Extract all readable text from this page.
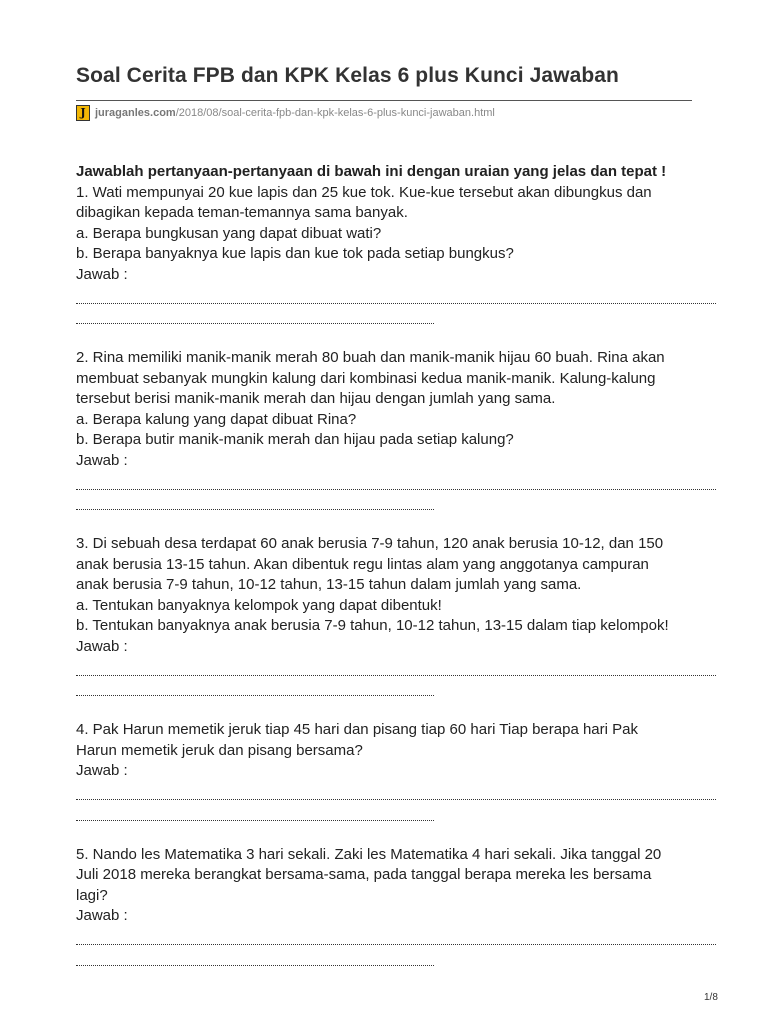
Soal Cerita FPB dan KPK Kelas 6 plus Kunci Jawaban
J juraganles.com/2018/08/soal-cerita-fpb-dan-kpk-kelas-6-plus-kunci-jawaban.html

Jawablah pertanyaan-pertanyaan di bawah ini dengan uraian yang jelas dan tepat !

1. Wati mempunyai 20 kue lapis dan 25 kue tok. Kue-kue tersebut akan dibungkus dan

dibagikan kepada teman-temannya sama banyak.

a. Berapa bungkusan yang dapat dibuat wati?

b. Berapa banyaknya kue lapis dan kue tok pada setiap bungkus?

Jawab :

2. Rina memiliki manik-manik merah 80 buah dan manik-manik hijau 60 buah. Rina akan

membuat sebanyak mungkin kalung dari kombinasi kedua manik-manik. Kalung-kalung

tersebut berisi manik-manik merah dan hijau dengan jumlah yang sama.

a. Berapa kalung yang dapat dibuat Rina?

b. Berapa butir manik-manik merah dan hijau pada setiap kalung?

Jawab :

3. Di sebuah desa terdapat 60 anak berusia 7-9 tahun, 120 anak berusia 10-12, dan 150

anak berusia 13-15 tahun. Akan dibentuk regu lintas alam yang anggotanya campuran

anak berusia 7-9 tahun, 10-12 tahun, 13-15 tahun dalam jumlah yang sama.

a. Tentukan banyaknya kelompok yang dapat dibentuk!

b. Tentukan banyaknya anak berusia 7-9 tahun, 10-12 tahun, 13-15 dalam tiap kelompok!

Jawab :

4. Pak Harun memetik jeruk tiap 45 hari dan pisang tiap 60 hari Tiap berapa hari Pak

Harun memetik jeruk dan pisang bersama?

Jawab :

5. Nando les Matematika 3 hari sekali. Zaki les Matematika 4 hari sekali. Jika tanggal 20

Juli 2018 mereka berangkat bersama-sama, pada tanggal berapa mereka les bersama

lagi?

Jawab :

1/8
